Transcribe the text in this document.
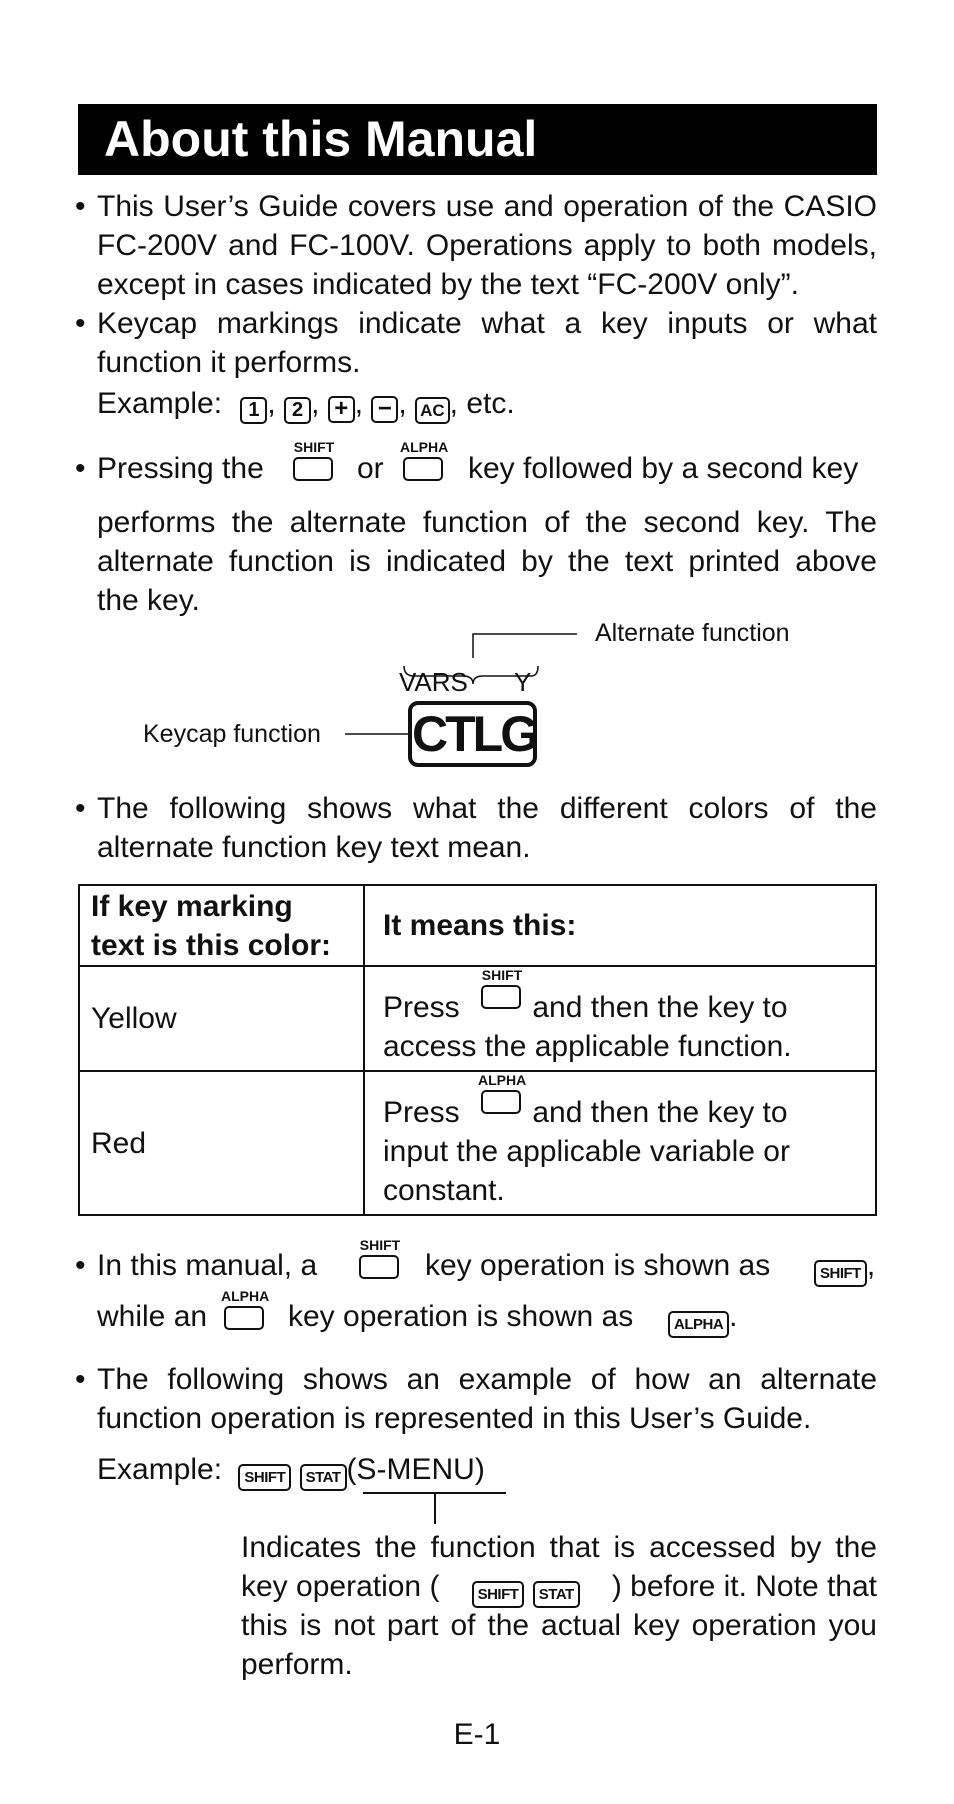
About this Manual
• This User’s Guide covers use and operation of the CASIO
FC-200V and FC-100V. Operations apply to both models,
except in cases indicated by the text “FC-200V only”.
• Keycap markings indicate what a key inputs or what
function it performs.
Example: 1 , 2 , + , − , AC , etc.
• Pressing the
SHIFT
or
ALPHA
key followed by a second key
performs the alternate function of the second key. The
alternate function is indicated by the text printed above
the key.
Alternate function
VARS Y
Keycap function CTLG
• The following shows what the different colors of the
alternate function key text mean.
If key marking
text is this color:	It means this:
Yellow	Press and then the key to
SHIFT
access the applicable function.

Red	Press and then the key to
ALPHA
input the applicable variable or
constant.
• In this manual, a
SHIFT
key operation is shown as	SHIFT ,
while an
ALPHA
key operation is shown as	ALPHA .
• The following shows an example of how an alternate
function operation is represented in this User’s Guide.
Example: SHIFT STAT (S-MENU)
Indicates the function that is accessed by the
key operation (	SHIFT STAT ) before it. Note that
this is not part of the actual key operation you
perform.
E-1
